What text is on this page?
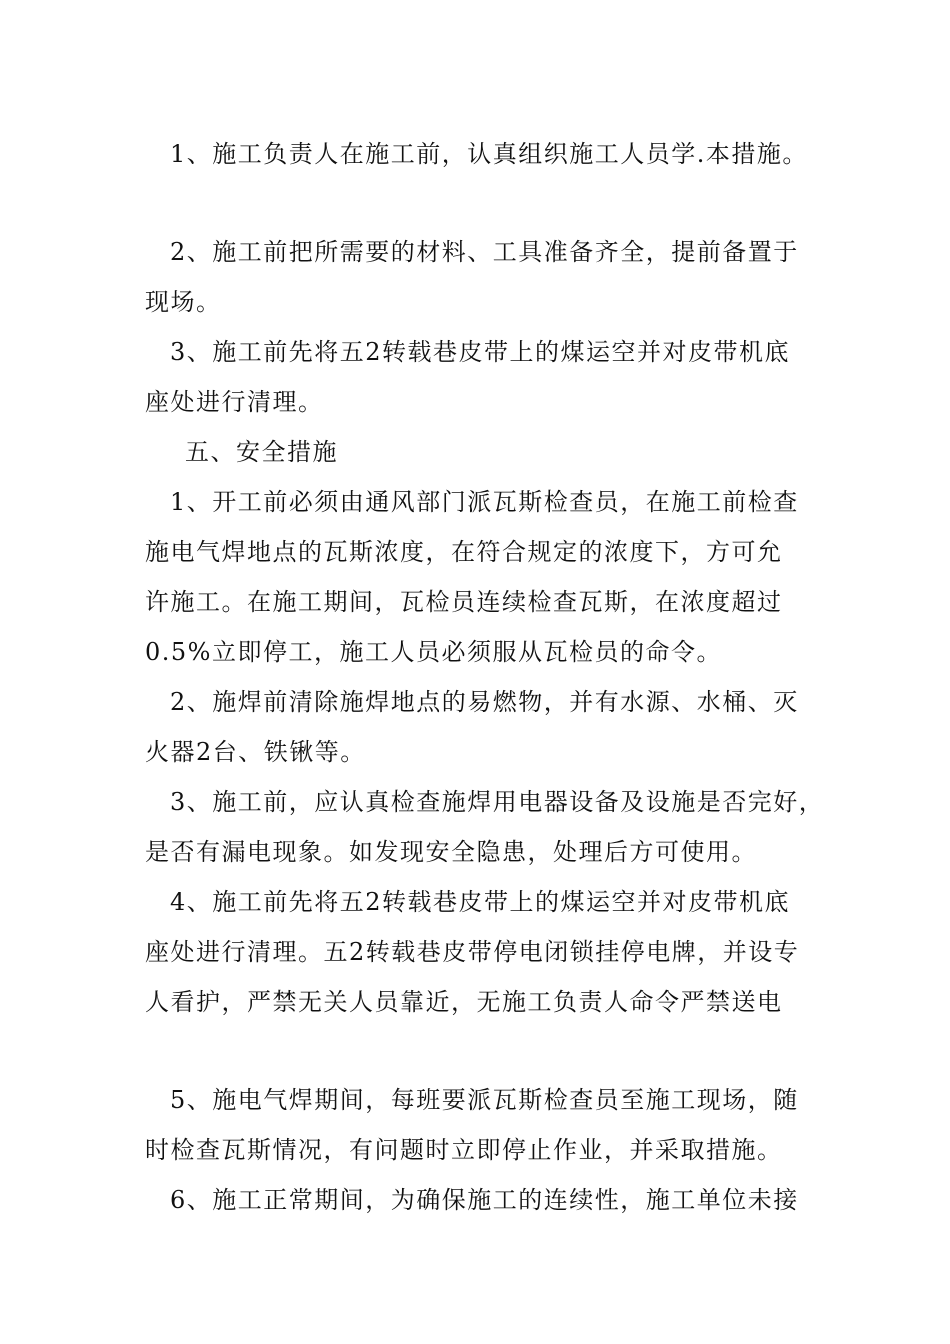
1、施工负责人在施工前，认真组织施工人员学.本措施。
2、施工前把所需要的材料、工具准备齐全，提前备置于
现场。
3、施工前先将五2转载巷皮带上的煤运空并对皮带机底
座处进行清理。
五、安全措施
1、开工前必须由通风部门派瓦斯检查员，在施工前检查
施电气焊地点的瓦斯浓度，在符合规定的浓度下，方可允
许施工。在施工期间，瓦检员连续检查瓦斯，在浓度超过
0.5%立即停工，施工人员必须服从瓦检员的命令。
2、施焊前清除施焊地点的易燃物，并有水源、水桶、灭
火器2台、铁锹等。
3、施工前，应认真检查施焊用电器设备及设施是否完好，
是否有漏电现象。如发现安全隐患，处理后方可使用。
4、施工前先将五2转载巷皮带上的煤运空并对皮带机底
座处进行清理。五2转载巷皮带停电闭锁挂停电牌，并设专
人看护，严禁无关人员靠近，无施工负责人命令严禁送电
5、施电气焊期间，每班要派瓦斯检查员至施工现场，随
时检查瓦斯情况，有问题时立即停止作业，并采取措施。
6、施工正常期间，为确保施工的连续性，施工单位未接
